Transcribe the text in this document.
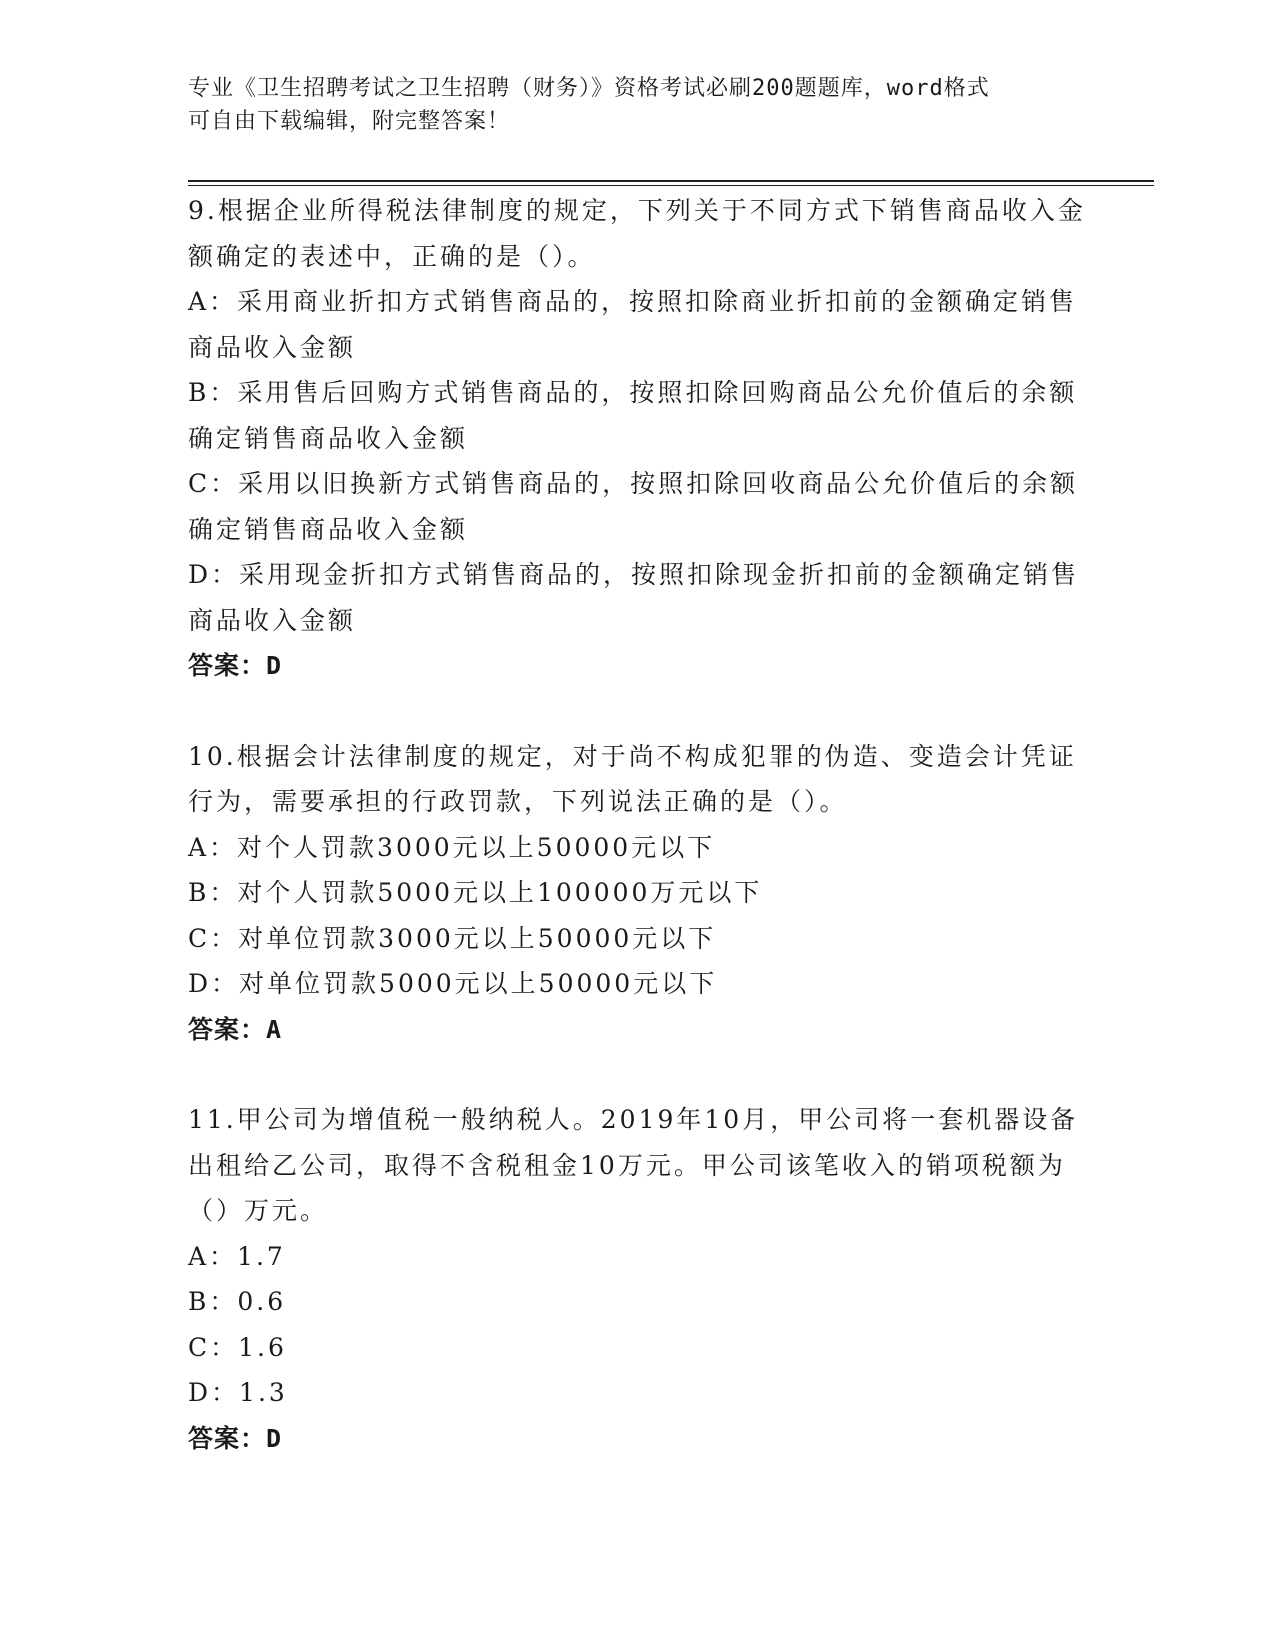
专业《卫生招聘考试之卫生招聘（财务）》资格考试必刷200题题库，word格式
可自由下载编辑，附完整答案！
9.根据企业所得税法律制度的规定，下列关于不同方式下销售商品收入金额确定的表述中，正确的是（）。
A：采用商业折扣方式销售商品的，按照扣除商业折扣前的金额确定销售商品收入金额
B：采用售后回购方式销售商品的，按照扣除回购商品公允价值后的余额确定销售商品收入金额
C：采用以旧换新方式销售商品的，按照扣除回收商品公允价值后的余额确定销售商品收入金额
D：采用现金折扣方式销售商品的，按照扣除现金折扣前的金额确定销售商品收入金额
答案：D
10.根据会计法律制度的规定，对于尚不构成犯罪的伪造、变造会计凭证行为，需要承担的行政罚款，下列说法正确的是（）。
A：对个人罚款3000元以上50000元以下
B：对个人罚款5000元以上100000万元以下
C：对单位罚款3000元以上50000元以下
D：对单位罚款5000元以上50000元以下
答案：A
11.甲公司为增值税一般纳税人。2019年10月，甲公司将一套机器设备出租给乙公司，取得不含税租金10万元。甲公司该笔收入的销项税额为（）万元。
A：1.7
B：0.6
C：1.6
D：1.3
答案：D
